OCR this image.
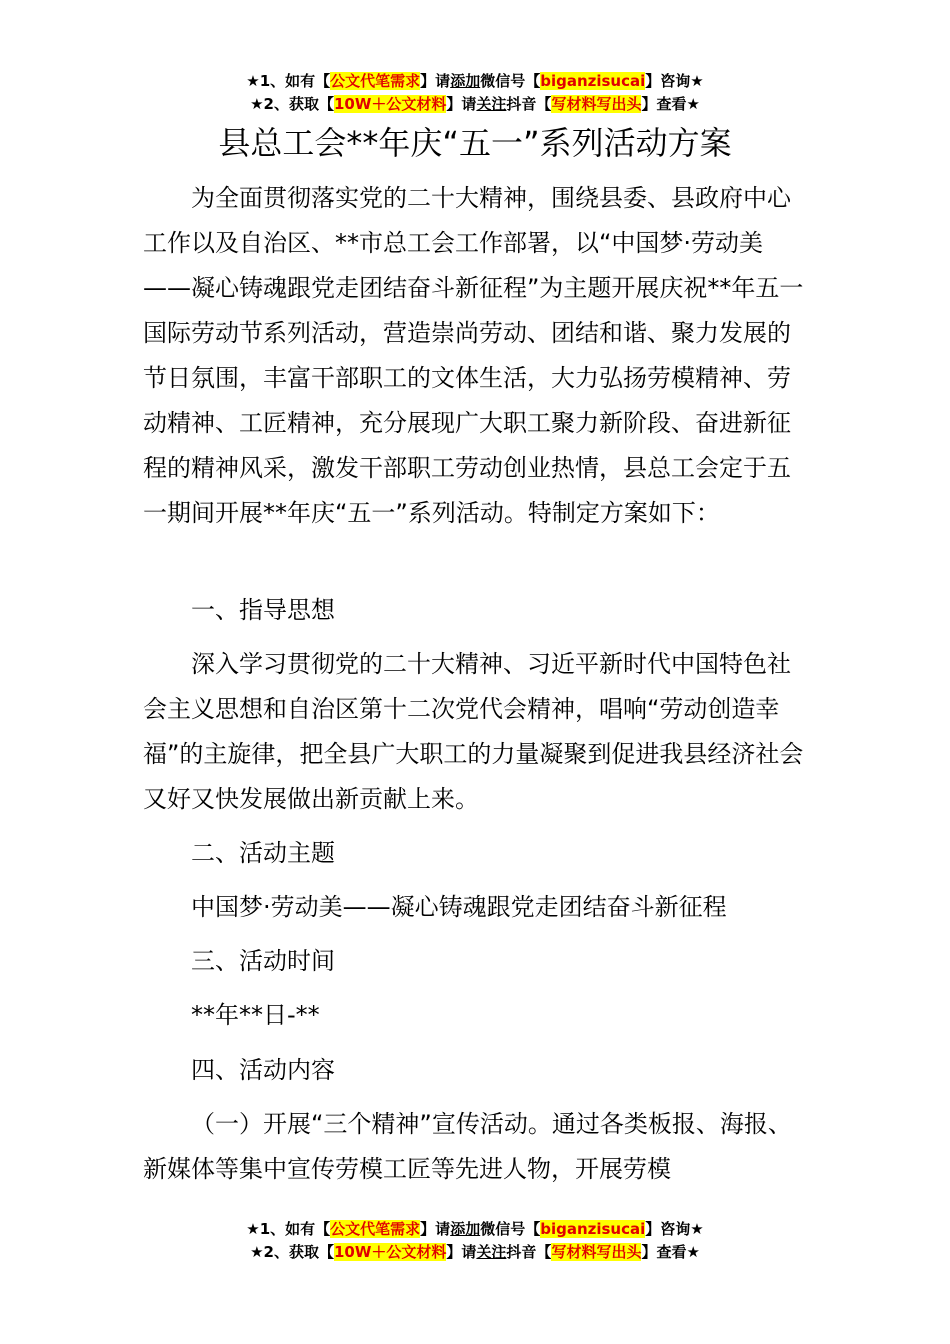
★1、如有【公文代笔需求】请添加微信号【biganzisucai】咨询★
★2、获取【10W＋公文材料】请关注抖音【写材料写出头】查看★
县总工会**年庆“五一”系列活动方案

为全面贯彻落实党的二十大精神，围绕县委、县政府中心工作以及自治区、**市总工会工作部署，以“中国梦·劳动美——凝心铸魂跟党走团结奋斗新征程”为主题开展庆祝**年五一国际劳动节系列活动，营造崇尚劳动、团结和谐、聚力发展的节日氛围，丰富干部职工的文体生活，大力弘扬劳模精神、劳动精神、工匠精神，充分展现广大职工聚力新阶段、奋进新征程的精神风采，激发干部职工劳动创业热情，县总工会定于五一期间开展**年庆“五一”系列活动。特制定方案如下：

一、指导思想

深入学习贯彻党的二十大精神、习近平新时代中国特色社会主义思想和自治区第十二次党代会精神，唱响“劳动创造幸福”的主旋律，把全县广大职工的力量凝聚到促进我县经济社会又好又快发展做出新贡献上来。

二、活动主题

中国梦·劳动美——凝心铸魂跟党走团结奋斗新征程

三、活动时间

**年**日-**

四、活动内容

（一）开展“三个精神”宣传活动。通过各类板报、海报、新媒体等集中宣传劳模工匠等先进人物，开展劳模

★1、如有【公文代笔需求】请添加微信号【biganzisucai】咨询★
★2、获取【10W＋公文材料】请关注抖音【写材料写出头】查看★
